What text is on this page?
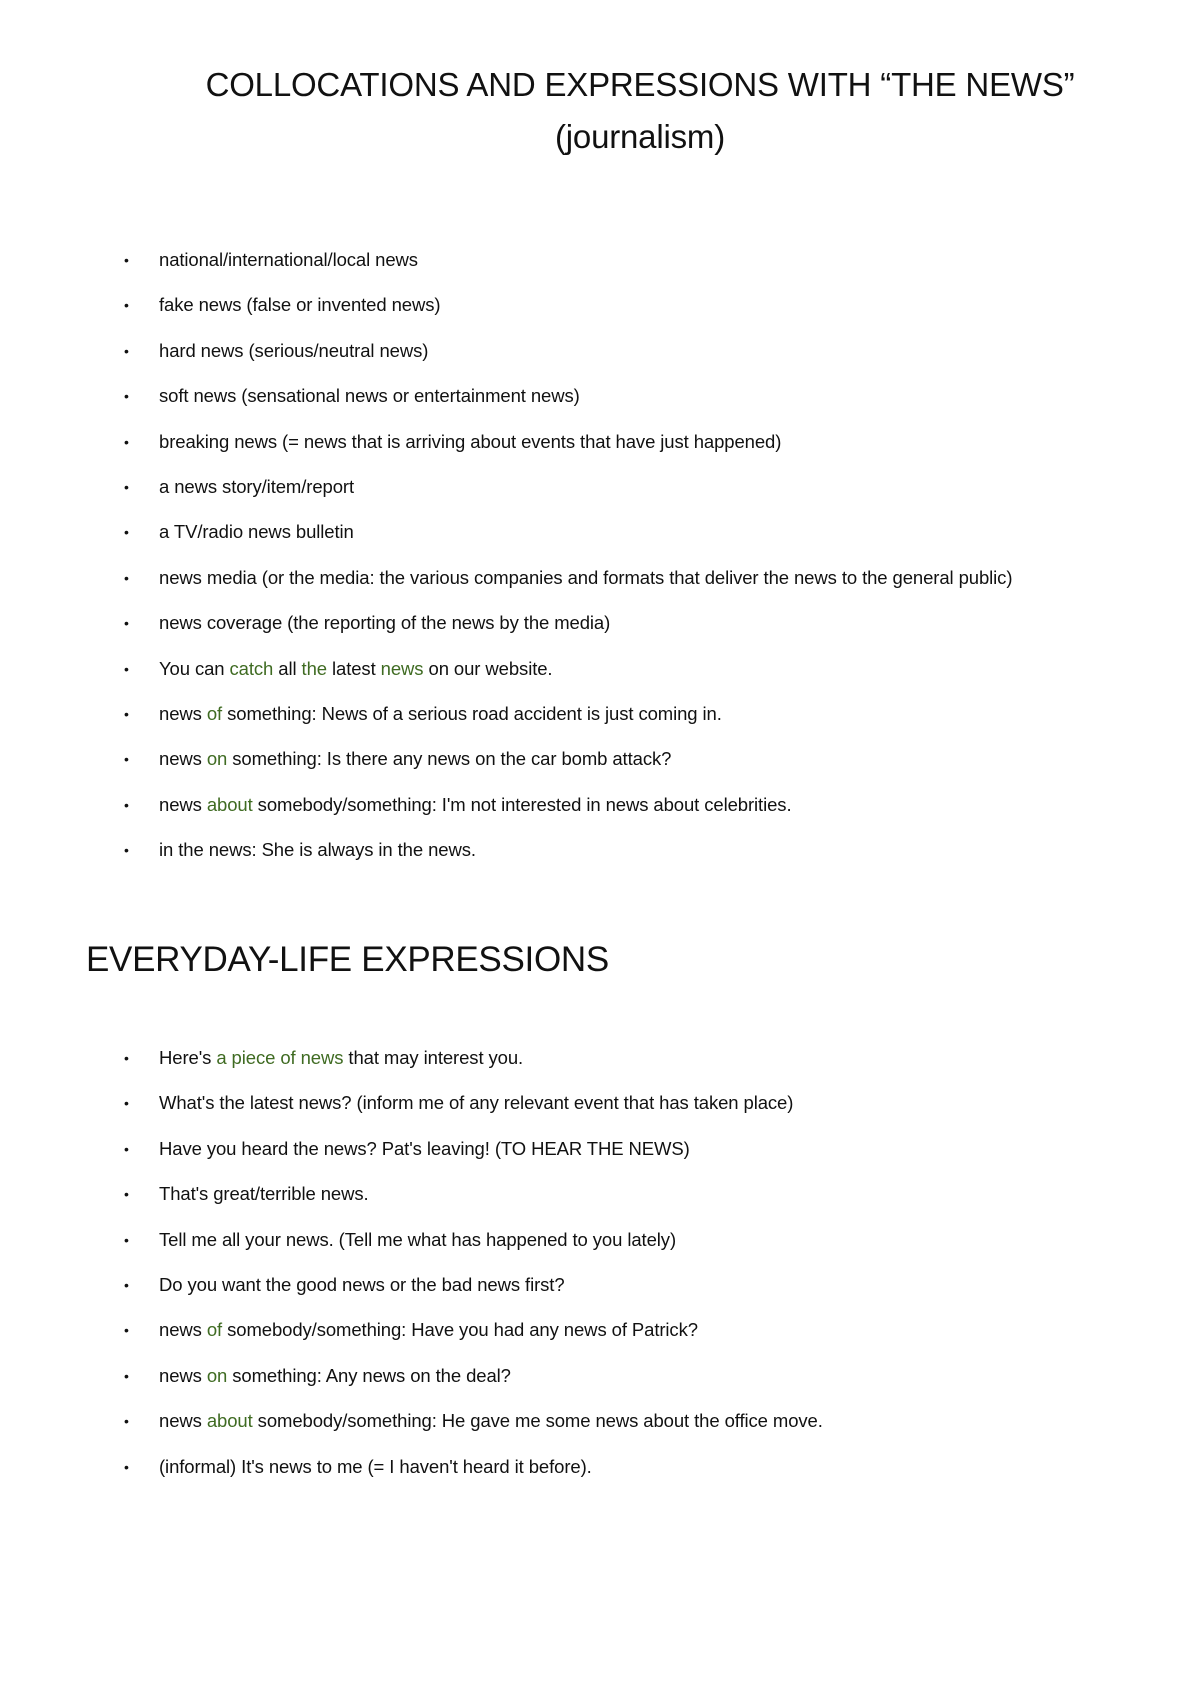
COLLOCATIONS AND EXPRESSIONS WITH “THE NEWS”
(journalism)
• national/international/local news
• fake news (false or invented news)
• hard news (serious/neutral news)
• soft news (sensational news or entertainment news)
• breaking news (= news that is arriving about events that have just happened)
• a news story/item/report
• a TV/radio news bulletin
• news media (or the media: the various companies and formats that deliver the news to the general public)
• news coverage (the reporting of the news by the media)
• You can catch all the latest news on our website.
• news of something: News of a serious road accident is just coming in.
• news on something: Is there any news on the car bomb attack?
• news about somebody/something: I'm not interested in news about celebrities.
• in the news: She is always in the news.
EVERYDAY-LIFE EXPRESSIONS
• Here's a piece of news that may interest you.
• What's the latest news? (inform me of any relevant event that has taken place)
• Have you heard the news? Pat's leaving! (TO HEAR THE NEWS)
• That's great/terrible news.
• Tell me all your news. (Tell me what has happened to you lately)
• Do you want the good news or the bad news first?
• news of somebody/something: Have you had any news of Patrick?
• news on something: Any news on the deal?
• news about somebody/something: He gave me some news about the office move.
• (informal) It's news to me (= I haven't heard it before).
